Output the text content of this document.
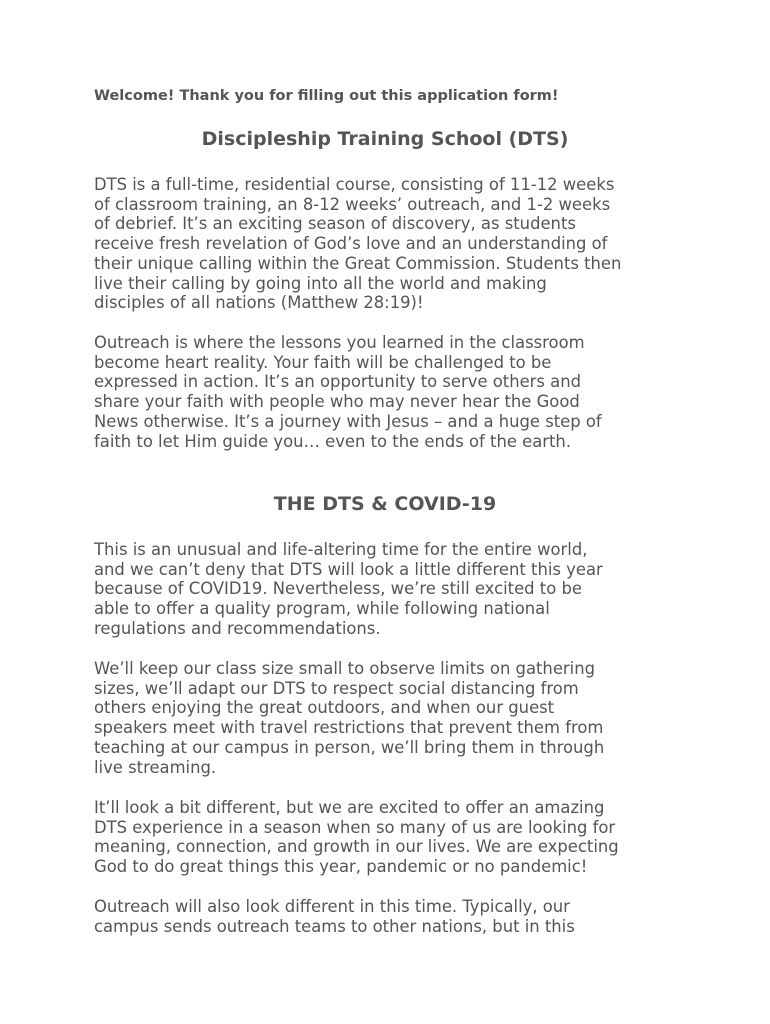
Welcome! Thank you for filling out this application form!
Discipleship Training School (DTS)
DTS is a full-time, residential course, consisting of 11-12 weeks
of classroom training, an 8-12 weeks’ outreach, and 1-2 weeks
of debrief. It’s an exciting season of discovery, as students
receive fresh revelation of God’s love and an understanding of
their unique calling within the Great Commission. Students then
live their calling by going into all the world and making
disciples of all nations (Matthew 28:19)!
Outreach is where the lessons you learned in the classroom
become heart reality. Your faith will be challenged to be
expressed in action. It’s an opportunity to serve others and
share your faith with people who may never hear the Good
News otherwise. It’s a journey with Jesus – and a huge step of
faith to let Him guide you… even to the ends of the earth.
THE DTS & COVID-19
This is an unusual and life-altering time for the entire world,
and we can’t deny that DTS will look a little different this year
because of COVID19. Nevertheless, we’re still excited to be
able to offer a quality program, while following national
regulations and recommendations.
We’ll keep our class size small to observe limits on gathering
sizes, we’ll adapt our DTS to respect social distancing from
others enjoying the great outdoors, and when our guest
speakers meet with travel restrictions that prevent them from
teaching at our campus in person, we’ll bring them in through
live streaming.
It’ll look a bit different, but we are excited to offer an amazing
DTS experience in a season when so many of us are looking for
meaning, connection, and growth in our lives. We are expecting
God to do great things this year, pandemic or no pandemic!
Outreach will also look different in this time. Typically, our
campus sends outreach teams to other nations, but in this
